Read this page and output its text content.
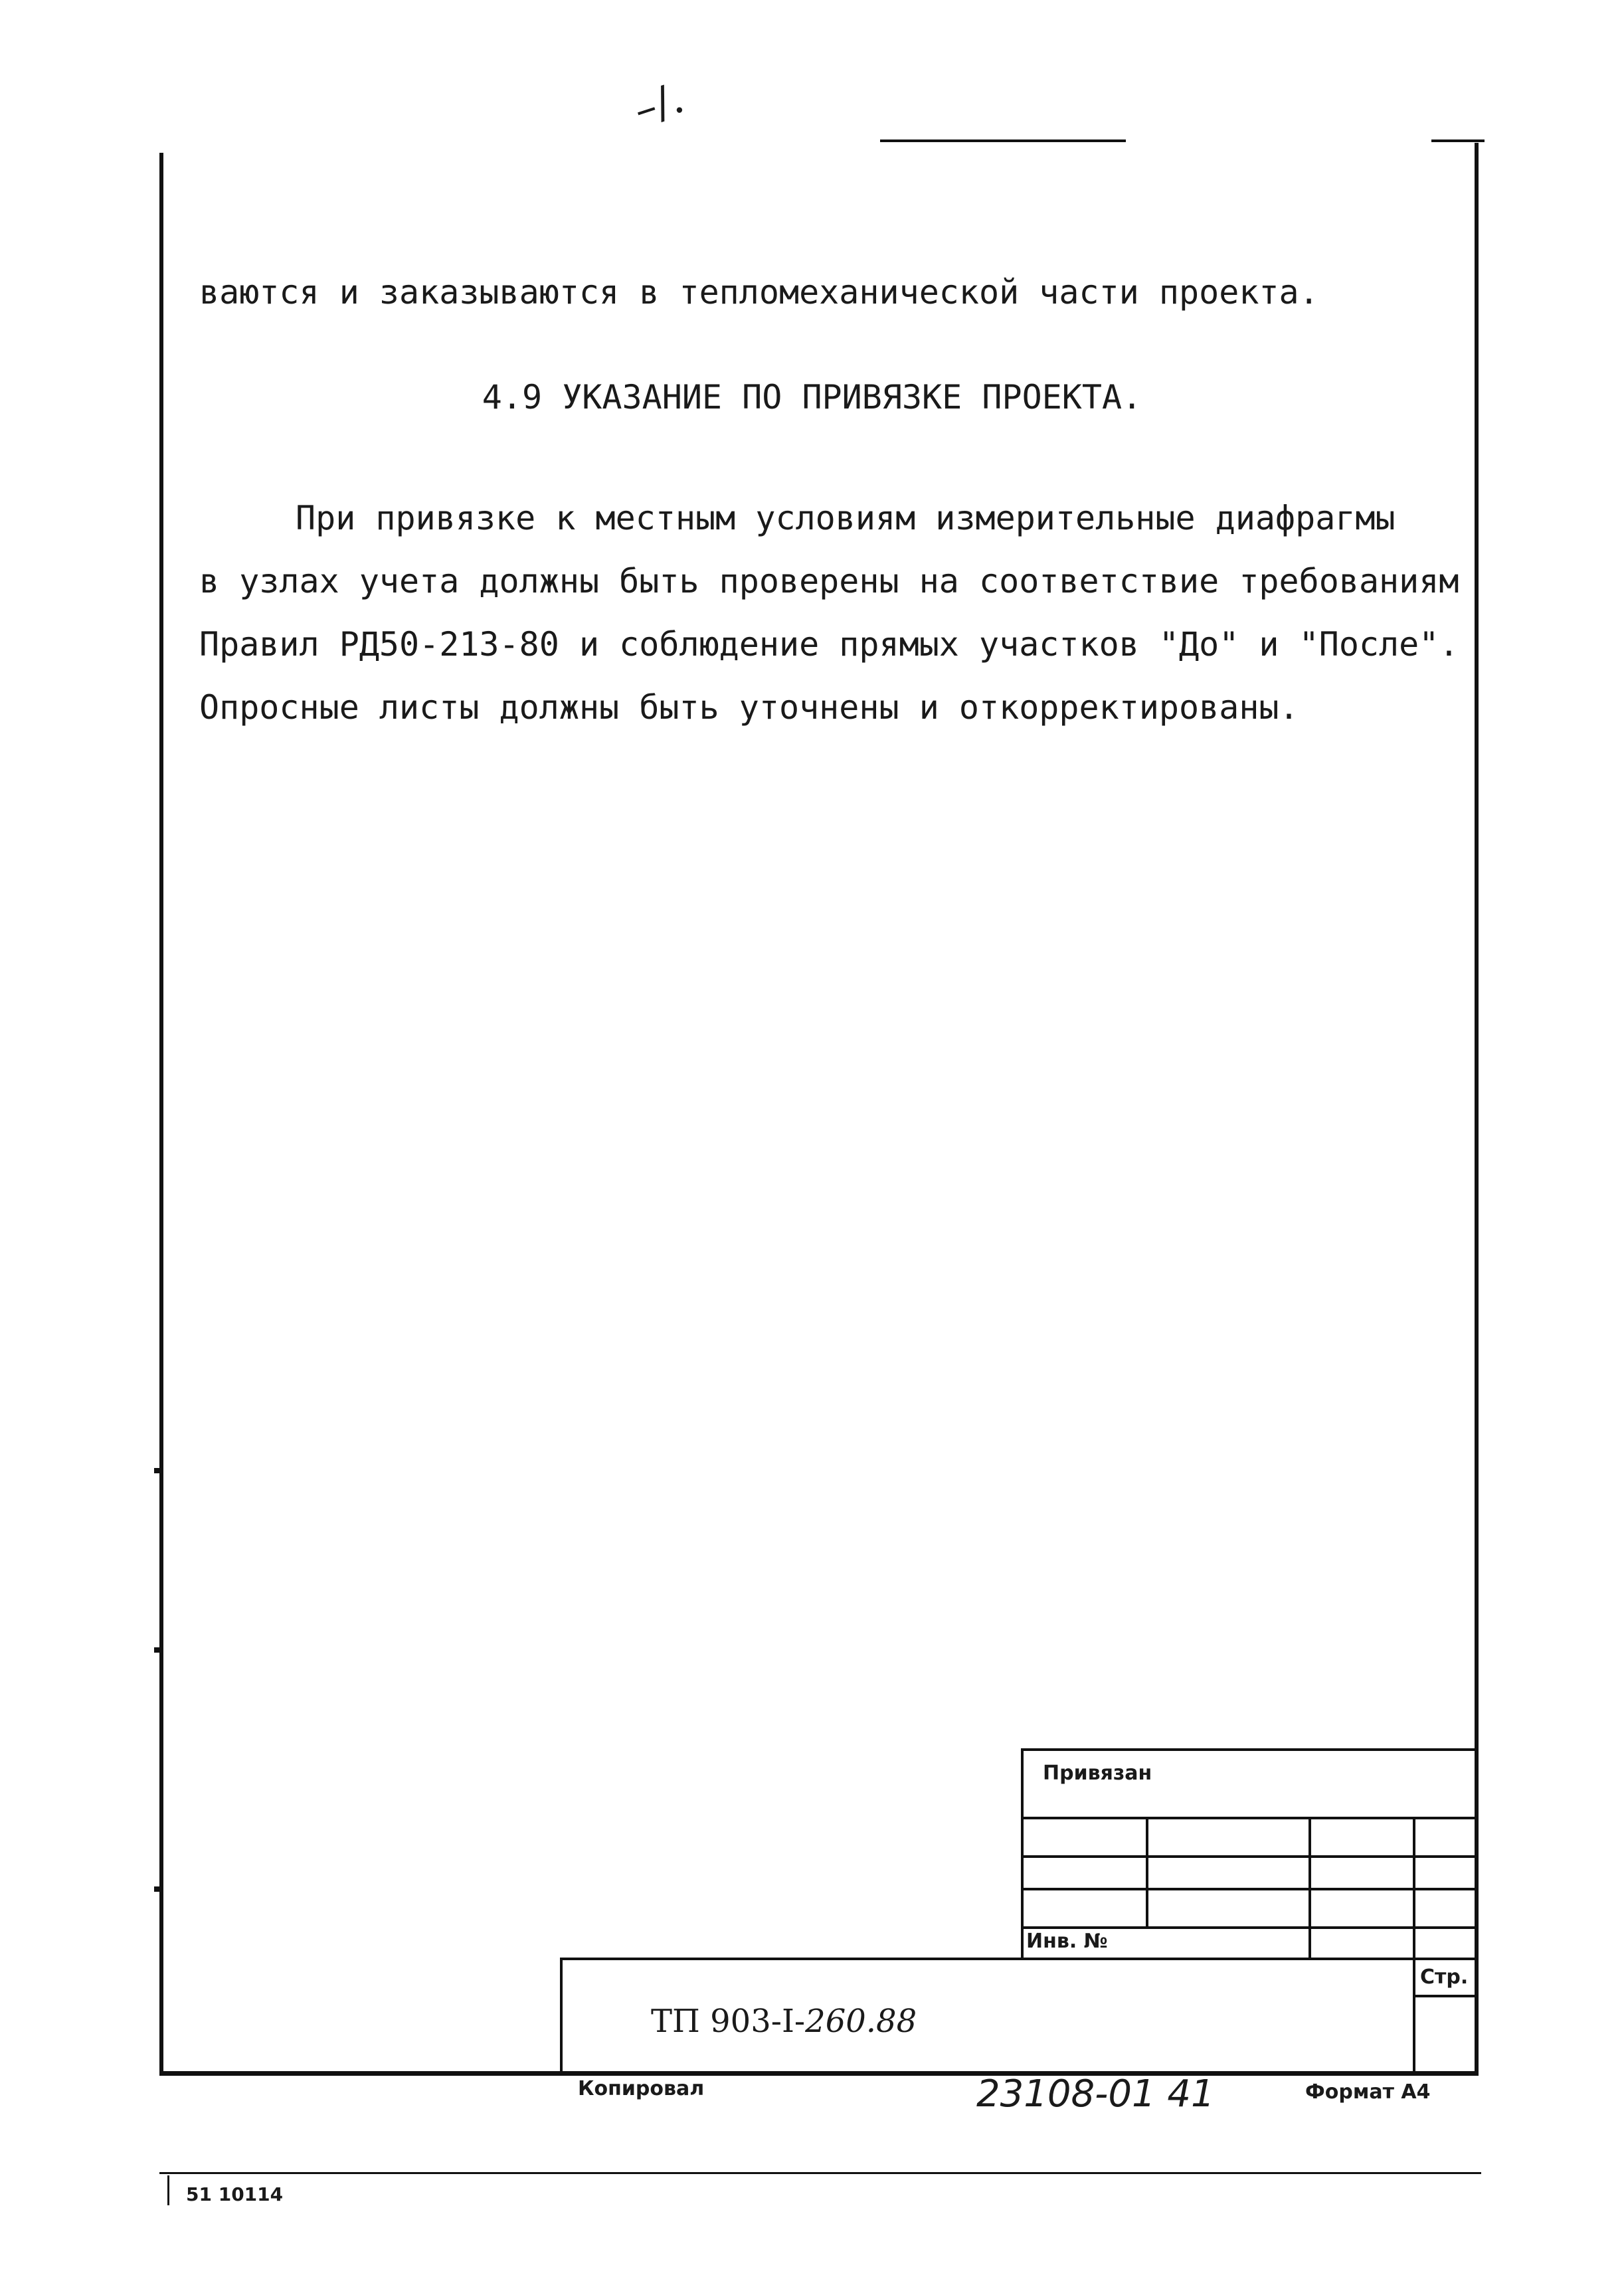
–/.
ваются и заказываются в тепломеханической части проекта.
4.9 УКАЗАНИЕ ПО ПРИВЯЗКЕ ПРОЕКТА.
При привязке к местным условиям измерительные диафрагмы
в узлах учета должны быть проверены на соответствие требованиям
Правил РД50-213-80 и соблюдение прямых участков "До" и "После".
Опросные листы должны быть уточнены и откорректированы.
Привязан
Инв. №
Стр.
ТП 903-I-260.88
Копировал	23108-01 41	Формат А4
51 10114
